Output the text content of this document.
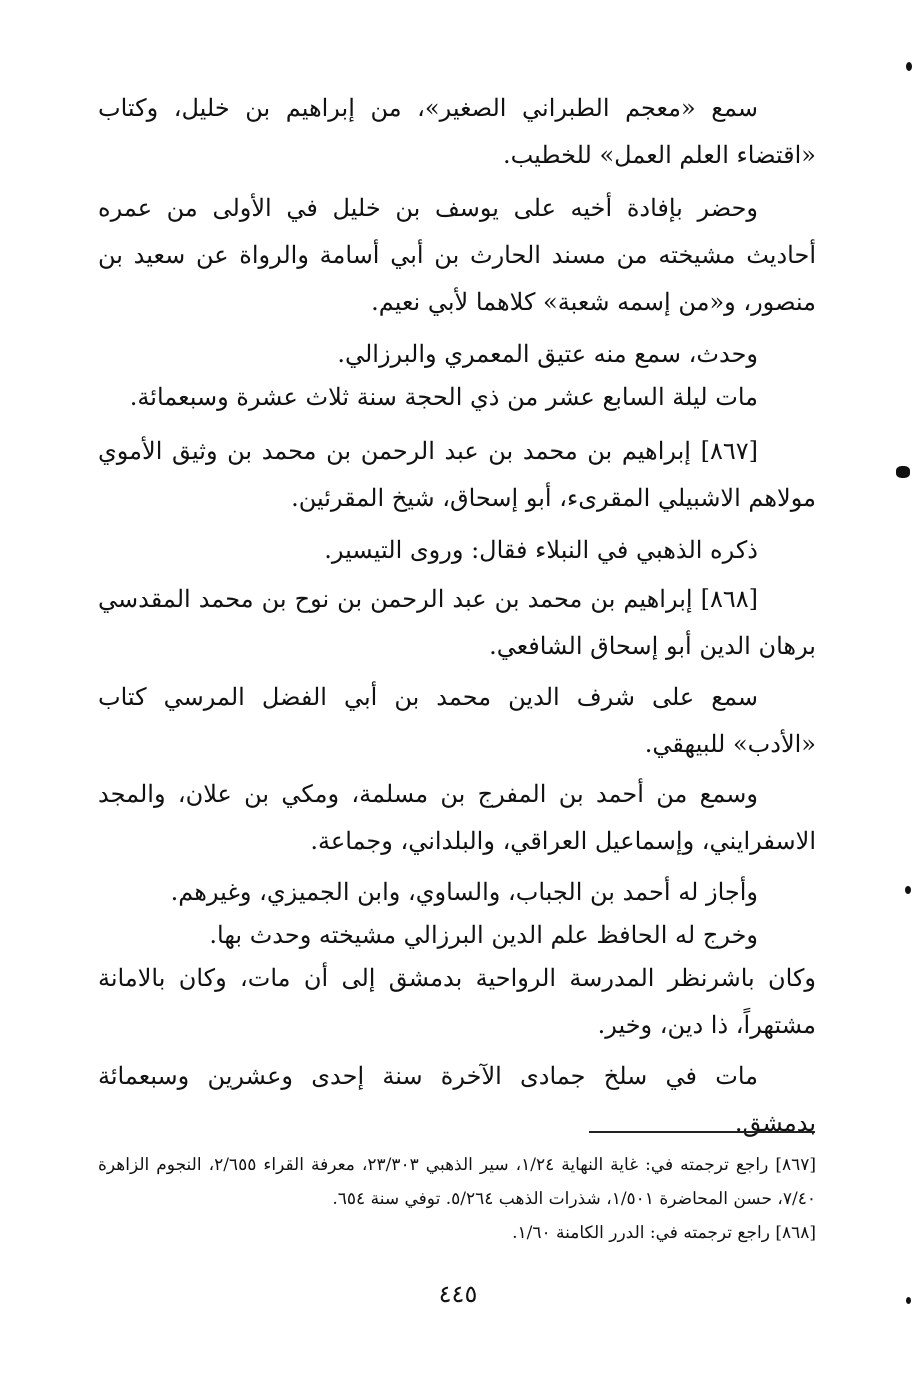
سمع «معجم الطبراني الصغير»، من إبراهيم بن خليل، وكتاب «اقتضاء العلم العمل» للخطيب.

وحضر بإفادة أخيه على يوسف بن خليل في الأولى من عمره أحاديث مشيخته من مسند الحارث بن أبي أسامة والرواة عن سعيد بن منصور، و«من إسمه شعبة» كلاهما لأبي نعيم.

وحدث، سمع منه عتيق المعمري والبرزالي.

مات ليلة السابع عشر من ذي الحجة سنة ثلاث عشرة وسبعمائة.

[٨٦٧] إبراهيم بن محمد بن عبد الرحمن بن محمد بن وثيق الأموي مولاهم الاشبيلي المقرىء، أبو إسحاق، شيخ المقرئين.

ذكره الذهبي في النبلاء فقال: وروى التيسير.

[٨٦٨] إبراهيم بن محمد بن عبد الرحمن بن نوح بن محمد المقدسي برهان الدين أبو إسحاق الشافعي.

سمع على شرف الدين محمد بن أبي الفضل المرسي كتاب «الأدب» للبيهقي.

وسمع من أحمد بن المفرج بن مسلمة، ومكي بن علان، والمجد الاسفرايني، وإسماعيل العراقي، والبلداني، وجماعة.

وأجاز له أحمد بن الجباب، والساوي، وابن الجميزي، وغيرهم.

وخرج له الحافظ علم الدين البرزالي مشيخته وحدث بها.

وكان باشرنظر المدرسة الرواحية بدمشق إلى أن مات، وكان بالامانة مشتهراً، ذا دين، وخير.

مات في سلخ جمادى الآخرة سنة إحدى وعشرين وسبعمائة بدمشق.

[٨٦٧] راجع ترجمته في: غاية النهاية ١/٢٤، سير الذهبي ٢٣/٣٠٣، معرفة القراء ٢/٦٥٥، النجوم الزاهرة ٧/٤٠، حسن المحاضرة ١/٥٠١، شذرات الذهب ٥/٢٦٤. توفي سنة ٦٥٤.

[٨٦٨] راجع ترجمته في: الدرر الكامنة ١/٦٠.

٤٤٥
